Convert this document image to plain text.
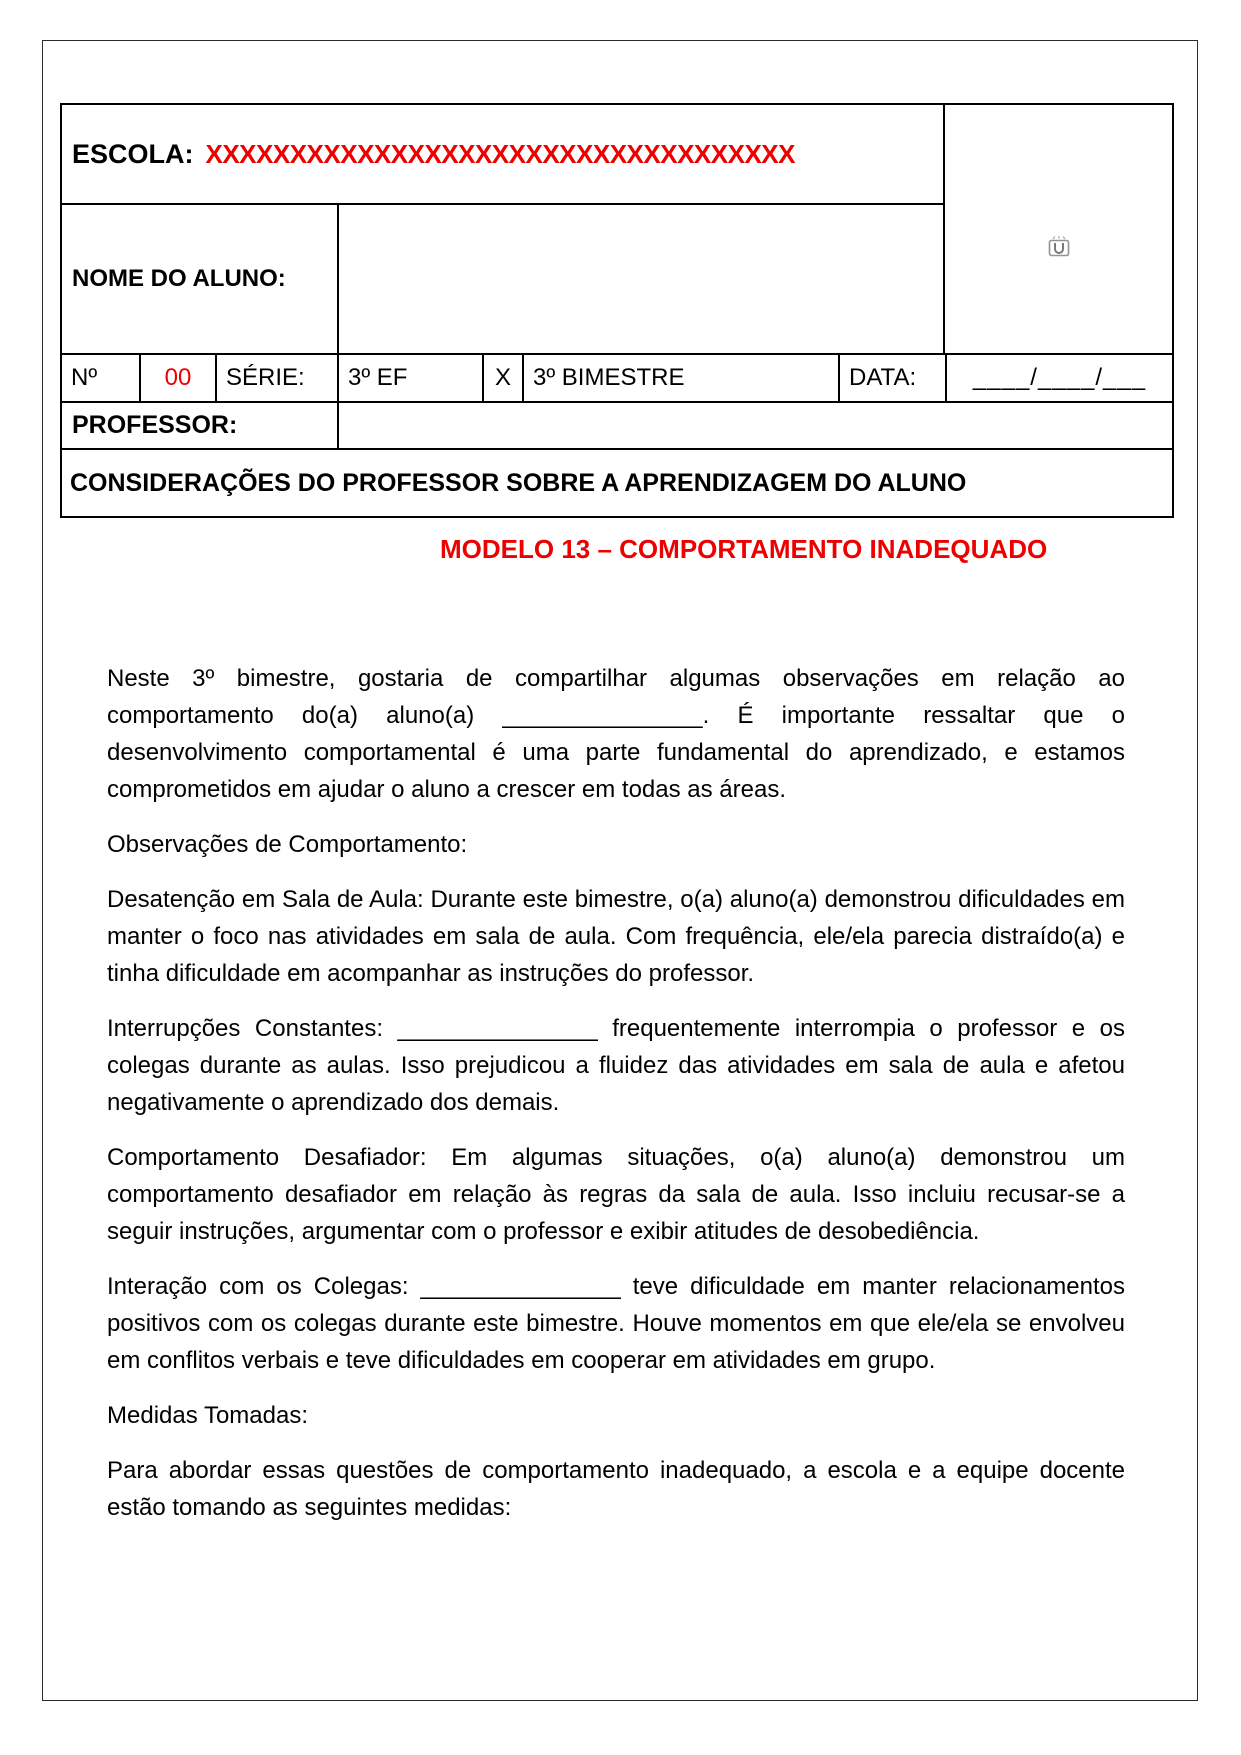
ESCOLA: XXXXXXXXXXXXXXXXXXXXXXXXXXXXXXXXXXX
NOME DO ALUNO:
Nº	00	SÉRIE:	3º EF	X 3º BIMESTRE	DATA:	____/____/___
PROFESSOR:
CONSIDERAÇÕES DO PROFESSOR SOBRE A APRENDIZAGEM DO ALUNO
MODELO 13 – COMPORTAMENTO INADEQUADO

Neste 3º bimestre, gostaria de compartilhar algumas observações em relação ao comportamento do(a) aluno(a) _______________. É importante ressaltar que o desenvolvimento comportamental é uma parte fundamental do aprendizado, e estamos comprometidos em ajudar o aluno a crescer em todas as áreas.

Observações de Comportamento:

Desatenção em Sala de Aula: Durante este bimestre, o(a) aluno(a) demonstrou dificuldades em manter o foco nas atividades em sala de aula. Com frequência, ele/ela parecia distraído(a) e tinha dificuldade em acompanhar as instruções do professor.

Interrupções Constantes: _______________ frequentemente interrompia o professor e os colegas durante as aulas. Isso prejudicou a fluidez das atividades em sala de aula e afetou negativamente o aprendizado dos demais.

Comportamento Desafiador: Em algumas situações, o(a) aluno(a) demonstrou um comportamento desafiador em relação às regras da sala de aula. Isso incluiu recusar-se a seguir instruções, argumentar com o professor e exibir atitudes de desobediência.

Interação com os Colegas: _______________ teve dificuldade em manter relacionamentos positivos com os colegas durante este bimestre. Houve momentos em que ele/ela se envolveu em conflitos verbais e teve dificuldades em cooperar em atividades em grupo.

Medidas Tomadas:

Para abordar essas questões de comportamento inadequado, a escola e a equipe docente estão tomando as seguintes medidas:
